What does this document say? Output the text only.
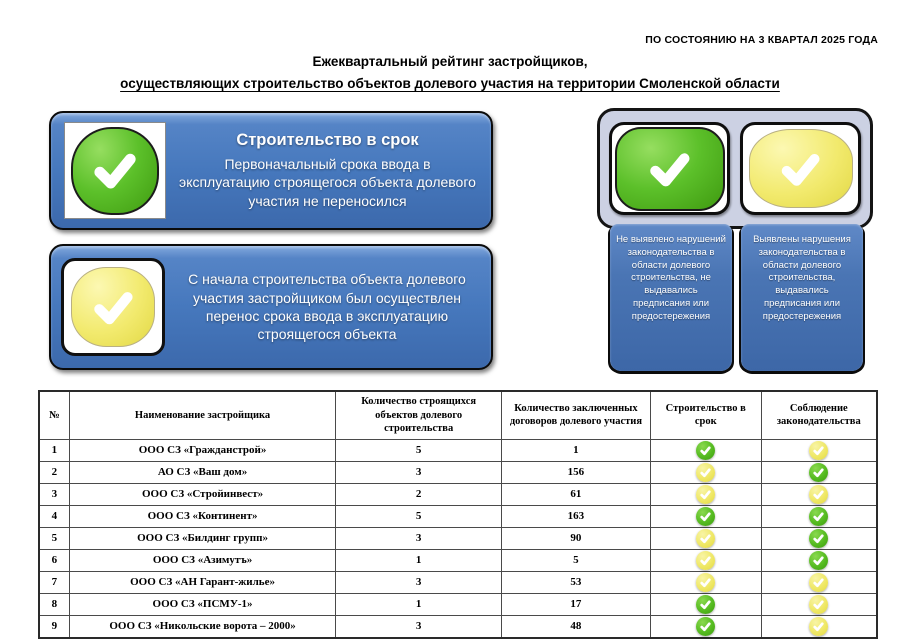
ПО СОСТОЯНИЮ НА 3 КВАРТАЛ 2025 ГОДА
Ежеквартальный рейтинг застройщиков,
осуществляющих строительство объектов долевого участия на территории Смоленской области
Строительство в срок
Первоначальный срока ввода в эксплуатацию строящегося объекта долевого участия не переносился
С начала строительства объекта долевого участия застройщиком был осуществлен перенос срока ввода в эксплуатацию строящегося объекта
Не выявлено нарушений законодательства в области долевого строительства, не выдавались предписания или предостережения
Выявлены нарушения законодательства в области долевого строительства, выдавались предписания или предостережения
№	Наименование застройщика	Количество строящихся объектов долевого строительства	Количество заключенных договоров долевого участия	Строительство в срок	Соблюдение законодательства
1	ООО СЗ «Гражданстрой»	5	1	

2	АО СЗ «Ваш дом»	3	156	

3	ООО СЗ «Стройинвест»	2	61	

4	ООО СЗ «Континент»	5	163	

5	ООО СЗ «Билдинг групп»	3	90	

6	ООО СЗ «Азимутъ»	1	5	

7	ООО СЗ «АН Гарант-жилье»	3	53	

8	ООО СЗ «ПСМУ-1»	1	17	

9	ООО СЗ «Никольские ворота – 2000»	3	48	
